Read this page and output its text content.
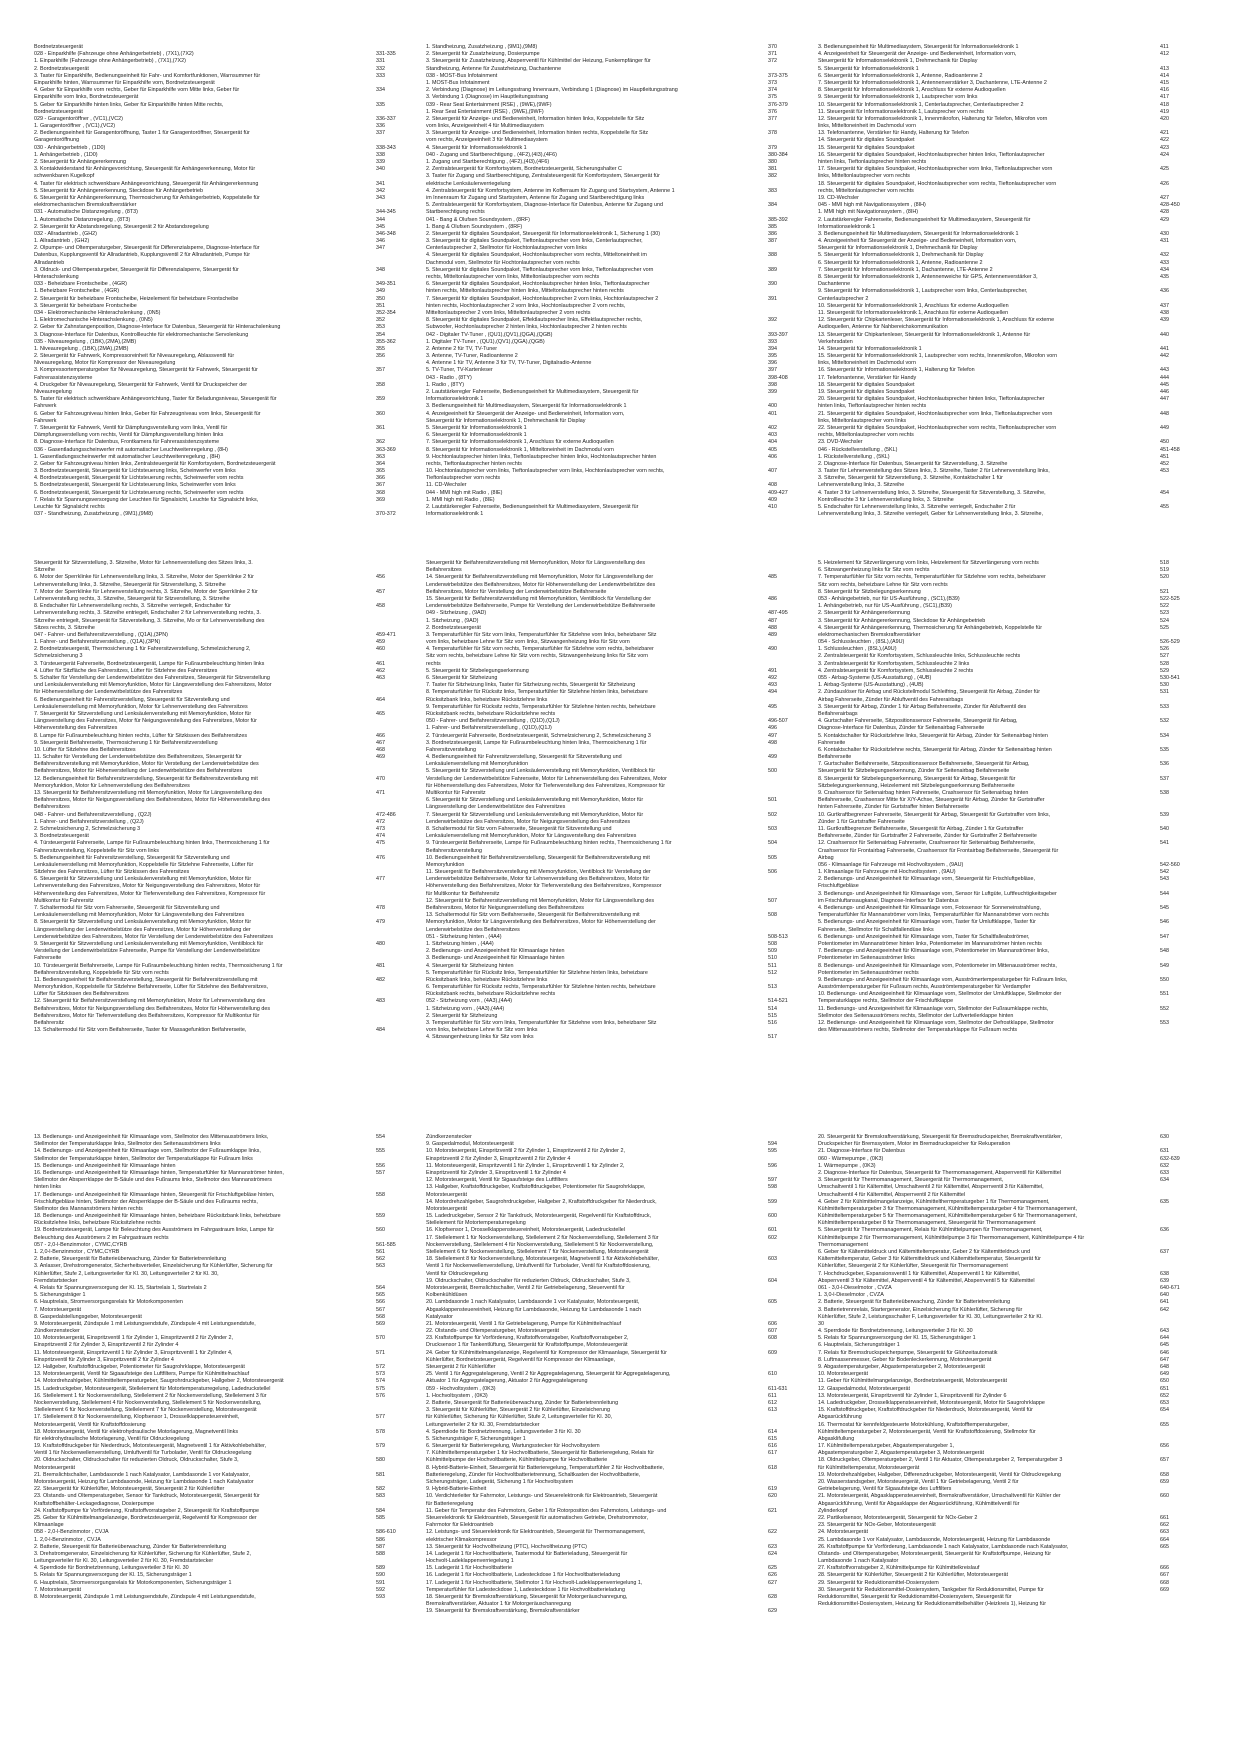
Bordnetzsteuergerät
028 - Einparkhilfe (Fahrzeuge ohne Anhängerbetrieb) , (7X1),(7X2)	331-335
1. Einparkhilfe (Fahrzeuge ohne Anhängerbetrieb) , (7X1),(7X2)	331
2. Bordnetzsteuergerät	332
3. Taster für Einparkhilfe, Bedienungseinheit für Fahr- und Komfortfunktionen, Warnsummer für	333
Einparkhilfe hinten, Warnsummer für Einparkhilfe vorn, Bordnetzsteuergerät
4. Geber für Einparkhilfe vorn rechts, Geber für Einparkhilfe vorn Mitte links, Geber für	334
Einparkhilfe vorn links, Bordnetzsteuergerät
5. Geber für Einparkhilfe hinten links, Geber für Einparkhilfe hinten Mitte rechts,	335
Bordnetzsteuergerät
029 - Garagentoröffner , (VC1),(VC2)	336-337
1. Garagentoröffner , (VC1),(VC2)	336
2. Bedienungseinheit für Garagentoröffnung, Taster 1 für Garagentoröffner, Steuergerät für	337
Garagentoröffnung
030 - Anhängerbetrieb , (1D0)	338-343
1. Anhängerbetrieb , (1D0)	338
2. Steuergerät für Anhängererkennung	339
3. Kontaktwiderstand für Anhängevorrichtung, Steuergerät für Anhängererkennung, Motor für	340
schwenkbaren Kugelkopf
4. Taster für elektrisch schwenkbare Anhängevorrichtung, Steuergerät für Anhängererkennung	341
5. Steuergerät für Anhängererkennung, Steckdose für Anhängerbetrieb	342
6. Steuergerät für Anhängererkennung, Thermosicherung für Anhängerbetrieb, Koppelstelle für	343
elektromechanischen Bremskraftverstärker
031 - Automatische Distanzregelung , (8T3)	344-345
1. Automatische Distanzregelung , (8T3)	344
2. Steuergerät für Abstandsregelung, Steuergerät 2 für Abstandsregelung	345
032 - Allradantrieb , (GH2)	346-348
1. Allradantrieb , (GH2)	346
2. Ölpumpe- und Öltemperaturgeber, Steuergerät für Differenzialsperre, Diagnose-Interface für	347
Datenbus, Kupplungsventil für Allradantrieb, Kupplungsventil 2 für Allradantrieb, Pumpe für
Allradantrieb
3. Öldruck- und Öltemperaturgeber, Steuergerät für Differenzialsperre, Steuergerät für	348
Hinterachslenkung
033 - Beheizbare Frontscheibe , (4GR)	349-351
1. Beheizbare Frontscheibe , (4GR)	349
2. Steuergerät für beheizbare Frontscheibe, Heizelement für beheizbare Frontscheibe	350
3. Steuergerät für beheizbare Frontscheibe	351
034 - Elektromechanische Hinterachslenkung , (0N5)	352-354
1. Elektromechanische Hinterachslenkung , (0N5)	352
2. Geber für Zahnstangenposition, Diagnose-Interface für Datenbus, Steuergerät für Hinterachslenkung	353
3. Diagnose-Interface für Datenbus, Kontrollleuchte für elektromechanische Servolenkung	354
035 - Niveauregelung , (1BK),(2MA),(2MB)	355-362
1. Niveauregelung , (1BK),(2MA),(2MB)	355
2. Steuergerät für Fahrwerk, Kompressoreinheit für Niveauregelung, Ablassventil für	356
Niveauregelung, Motor für Kompressor der Niveauregelung
3. Kompressortemperaturgeber für Niveauregelung, Steuergerät für Fahrwerk, Steuergerät für	357
Fahrerassistenzsysteme
4. Druckgeber für Niveauregelung, Steuergerät für Fahrwerk, Ventil für Druckspeicher der	358
Niveauregelung
5. Taster für elektrisch schwenkbare Anhängevorrichtung, Taster für Beladungsniveau, Steuergerät für	359
Fahrwerk
6. Geber für Fahrzeugniveau hinten links, Geber für Fahrzeugniveau vorn links, Steuergerät für	360
Fahrwerk
7. Steuergerät für Fahrwerk, Ventil für Dämpfungsverstellung vorn links, Ventil für	361
Dämpfungsverstellung vorn rechts, Ventil für Dämpfungsverstellung hinten links
8. Diagnose-Interface für Datenbus, Frontkamera für Fahrerassistenzsysteme	362
036 - Gasentladungsscheinwerfer mit automatischer Leuchtweitenregelung , (8H)	363-369
1. Gasentladungsscheinwerfer mit automatischer Leuchtweitenregelung , (8H)	363
2. Geber für Fahrzeugniveau hinten links, Zentralsteuergerät für Komfortsystem, Bordnetzsteuergerät	364
3. Bordnetzsteuergerät, Steuergerät für Lichtsteuerung links, Scheinwerfer vorn links	365
4. Bordnetzsteuergerät, Steuergerät für Lichtsteuerung rechts, Scheinwerfer vorn rechts	366
5. Bordnetzsteuergerät, Steuergerät für Lichtsteuerung links, Scheinwerfer vorn links	367
6. Bordnetzsteuergerät, Steuergerät für Lichtsteuerung rechts, Scheinwerfer vorn rechts	368
7. Relais für Spannungsversorgung der Leuchten für Signalsicht, Leuchte für Signalsicht links,	369
Leuchte für Signalsicht rechts
037 - Standheizung, Zusatzheizung , (9M1),(9M8)	370-372
1. Standheizung, Zusatzheizung , (9M1),(9M8)	370
2. Steuergerät für Zusatzheizung, Dosierpumpe	371
3. Steuergerät für Zusatzheizung, Absperrventil für Kühlmittel der Heizung, Funkempfänger für	372
Standheizung, Antenne für Zusatzheizung, Dachantenne
038 - MOST-Bus Infotainment	373-375
1. MOST-Bus Infotainment	373
2. Verbindung (Diagnose) im Leitungsstrang Innenraum, Verbindung 1 (Diagnose) im Hauptleitungsstrang	374
3. Verbindung 1 (Diagnose) im Hauptleitungsstrang	375
039 - Rear Seat Entertainment (RSE) , (9WE),(9WF)	376-379
1. Rear Seat Entertainment (RSE) , (9WE),(9WF)	376
2. Steuergerät für Anzeige- und Bedieneinheit, Information hinten links, Koppelstelle für Sitz	377
vorn links, Anzeigeeinheit 4 für Multimediasystem
3. Steuergerät für Anzeige- und Bedieneinheit, Information hinten rechts, Koppelstelle für Sitz	378
vorn rechts, Anzeigeeinheit 3 für Multimediasystem
4. Steuergerät für Informationselektronik 1	379
040 - Zugang und Startberechtigung , (4F2),(4I3),(4F6)	380-384
1. Zugang und Startberechtigung , (4F2),(4I3),(4F6)	380
2. Zentralsteuergerät für Komfortsystem, Bordnetzsteuergerät, Sicherungshalter C	381
3. Taster für Zugang und Startberechtigung, Zentralsteuergerät für Komfortsystem, Steuergerät für	382
elektrische Lenksäulenverriegelung
4. Zentralsteuergerät für Komfortsystem, Antenne im Kofferraum für Zugang und Startsystem, Antenne 1	383
im Innenraum für Zugang und Startsystem, Antenne für Zugang und Startberechtigung links
5. Zentralsteuergerät für Komfortsystem, Diagnose-Interface für Datenbus, Antenne für Zugang und	384
Startberechtigung rechts
041 - Bang & Olufsen Soundsystem , (8RF)	385-392
1. Bang & Olufsen Soundsystem , (8RF)	385
2. Steuergerät für digitales Soundpaket, Steuergerät für Informationselektronik 1, Sicherung 1 (30)	386
3. Steuergerät für digitales Soundpaket, Tieftonlautsprecher vorn links, Centerlautsprecher,	387
Centerlautsprecher 2, Stellmotor für Hochtonlautsprecher vorn links
4. Steuergerät für digitales Soundpaket, Hochtonlautsprecher vorn rechts, Mitteltoneinheit im	388
Dachmodul vorn, Stellmotor für Hochtonlautsprecher vorn rechts
5. Steuergerät für digitales Soundpaket, Tieftonlautsprecher vorn links, Tieftonlautsprecher vorn	389
rechts, Mitteltonlautsprecher vorn links, Mitteltonlautsprecher vorn rechts
6. Steuergerät für digitales Soundpaket, Hochtonlautsprecher hinten links, Tieftonlautsprecher	390
hinten rechts, Mitteltonlautsprecher hinten links, Mitteltonlautsprecher hinten rechts
7. Steuergerät für digitales Soundpaket, Hochtonlautsprecher 2 vorn links, Hochtonlautsprecher 2	391
hinten rechts, Hochtonlautsprecher 2 vorn links, Hochtonlautsprecher 2 vorn rechts,
Mitteltonlautsprecher 2 vorn links, Mitteltonlautsprecher 2 vorn rechts
8. Steuergerät für digitales Soundpaket, Effektlautsprecher links, Effektlautsprecher rechts,	392
Subwoofer, Hochtonlautsprecher 2 hinten links, Hochtonlautsprecher 2 hinten rechts
042 - Digitaler TV-Tuner , (QU1),(QV1),(QGA),(QGB)	393-397
1. Digitaler TV-Tuner , (QU1),(QV1),(QGA),(QGB)	393
2. Antenne 2 für TV, TV-Tuner	394
3. Antenne, TV-Tuner, Radioantenne 2	395
4. Antenne 1 für TV, Antenne 3 für TV, TV-Tuner, Digitalradio-Antenne	396
5. TV-Tuner, TV-Kartenleser	397
043 - Radio , (8TY)	398-408
1. Radio , (8TY)	398
2. Lautstärkeregler Fahrerseite, Bedienungseinheit für Multimediasystem, Steuergerät für	399
Informationselektronik 1
3. Bedienungseinheit für Multimediasystem, Steuergerät für Informationselektronik 1	400
4. Anzeigeeinheit für Steuergerät der Anzeige- und Bedieneinheit, Information vorn,	401
Steuergerät für Informationselektronik 1, Drehmechanik für Display
5. Steuergerät für Informationselektronik 1	402
6. Steuergerät für Informationselektronik 1	403
7. Steuergerät für Informationselektronik 1, Anschluss für externe Audioquellen	404
8. Steuergerät für Informationselektronik 1, Mitteltoneinheit im Dachmodul vorn	405
9. Hochtonlautsprecher hinten links, Tieftonlautsprecher hinten links, Hochtonlautsprecher hinten	406
rechts, Tieftonlautsprecher hinten rechts
10. Hochtonlautsprecher vorn links, Tieftonlautsprecher vorn links, Hochtonlautsprecher vorn rechts,	407
Tieftonlautsprecher vorn rechts
11. CD-Wechsler	408
044 - MMI high mit Radio , (8IE)	409-427
1. MMI high mit Radio , (8IE)	409
2. Lautstärkeregler Fahrerseite, Bedienungseinheit für Multimediasystem, Steuergerät für	410
Informationselektronik 1
3. Bedienungseinheit für Multimediasystem, Steuergerät für Informationselektronik 1	411
4. Anzeigeeinheit für Steuergerät der Anzeige- und Bedieneinheit, Information vorn,	412
Steuergerät für Informationselektronik 1, Drehmechanik für Display
5. Steuergerät für Informationselektronik 1	413
6. Steuergerät für Informationselektronik 1, Antenne, Radioantenne 2	414
7. Steuergerät für Informationselektronik 1, Antennenverstärker 3, Dachantenne, LTE-Antenne 2	415
8. Steuergerät für Informationselektronik 1, Anschluss für externe Audioquellen	416
9. Steuergerät für Informationselektronik 1, Lautsprecher vorn links	417
10. Steuergerät für Informationselektronik 1, Centerlautsprecher, Centerlautsprecher 2	418
11. Steuergerät für Informationselektronik 1, Lautsprecher vorn rechts	419
12. Steuergerät für Informationselektronik 1, Innenmikrofon, Halterung für Telefon, Mikrofon vorn	420
links, Mitteltoneinheit im Dachmodul vorn
13. Telefonantenne, Verstärker für Handy, Halterung für Telefon	421
14. Steuergerät für digitales Soundpaket	422
15. Steuergerät für digitales Soundpaket	423
16. Steuergerät für digitales Soundpaket, Hochtonlautsprecher hinten links, Tieftonlautsprecher	424
hinten links, Tieftonlautsprecher hinten rechts
17. Steuergerät für digitales Soundpaket, Hochtonlautsprecher vorn links, Tieftonlautsprecher vorn	425
links, Mitteltonlautsprecher vorn rechts
18. Steuergerät für digitales Soundpaket, Hochtonlautsprecher vorn rechts, Tieftonlautsprecher vorn	426
rechts, Mitteltonlautsprecher vorn rechts
19. CD-Wechsler	427
045 - MMI high mit Navigationssystem , (8IH)	428-450
1. MMI high mit Navigationssystem , (8IH)	428
2. Lautstärkeregler Fahrerseite, Bedienungseinheit für Multimediasystem, Steuergerät für	429
Informationselektronik 1
3. Bedienungseinheit für Multimediasystem, Steuergerät für Informationselektronik 1	430
4. Anzeigeeinheit für Steuergerät der Anzeige- und Bedieneinheit, Information vorn,	431
Steuergerät für Informationselektronik 1, Drehmechanik für Display
5. Steuergerät für Informationselektronik 1, Drehmechanik für Display	432
6. Steuergerät für Informationselektronik 1, Antenne, Radioantenne 2	433
7. Steuergerät für Informationselektronik 1, Dachantenne, LTE-Antenne 2	434
8. Steuergerät für Informationselektronik 1, Antennenweiche für GPS, Antennenverstärker 3,	435
Dachantenne
9. Steuergerät für Informationselektronik 1, Lautsprecher vorn links, Centerlautsprecher,	436
Centerlautsprecher 2
10. Steuergerät für Informationselektronik 1, Anschluss für externe Audioquellen	437
11. Steuergerät für Informationselektronik 1, Anschluss für externe Audioquellen	438
12. Steuergerät für Chipkartenleser, Steuergerät für Informationselektronik 1, Anschluss für externe	439
Audioquellen, Antenne für Nahbereichskommunikation
13. Steuergerät für Chipkartenleser, Steuergerät für Informationselektronik 1, Antenne für	440
Verkehrsdaten
14. Steuergerät für Informationselektronik 1	441
15. Steuergerät für Informationselektronik 1, Lautsprecher vorn rechts, Innenmikrofon, Mikrofon vorn	442
links, Mitteltoneinheit im Dachmodul vorn
16. Steuergerät für Informationselektronik 1, Halterung für Telefon	443
17. Telefonantenne, Verstärker für Handy	444
18. Steuergerät für digitales Soundpaket	445
19. Steuergerät für digitales Soundpaket	446
20. Steuergerät für digitales Soundpaket, Hochtonlautsprecher hinten links, Tieftonlautsprecher	447
hinten links, Tieftonlautsprecher hinten rechts
21. Steuergerät für digitales Soundpaket, Hochtonlautsprecher vorn links, Tieftonlautsprecher vorn	448
links, Mitteltonlautsprecher vorn links
22. Steuergerät für digitales Soundpaket, Hochtonlautsprecher vorn rechts, Tieftonlautsprecher vorn	449
rechts, Mitteltonlautsprecher vorn rechts
23. DVD-Wechsler	450
046 - Rückstellverstellung , (5KL)	451-458
1. Rückstellverstellung , (5KL)	451
2. Diagnose-Interface für Datenbus, Steuergerät für Sitzverstellung, 3. Sitzreihe	452
3. Taster für Lehnenverstellung des Sitzes links, 3. Sitzreihe, Taster 2 für Lehnenverstellung links,	453
3. Sitzreihe, Steuergerät für Sitzverstellung, 3. Sitzreihe, Kontaktschalter 1 für
Lehnenverstellung links, 3. Sitzreihe
4. Taster 3 für Lehnenverstellung links, 3. Sitzreihe, Steuergerät für Sitzverstellung, 3. Sitzreihe,	454
Kontrollleuchte 3 für Lehnenverstellung links, 3. Sitzreihe
5. Endschalter für Lehnenverstellung links, 3. Sitzreihe verriegelt, Endschalter 2 für	455
Lehnenverstellung links, 3. Sitzreihe verriegelt, Geber für Lehnenverstellung links, 3. Sitzreihe,
Steuergerät für Sitzverstellung, 3. Sitzreihe, Motor für Lehnenverstellung des Sitzes links, 3.
Sitzreihe
6. Motor der Sperrklinke für Lehnenverstellung links, 3. Sitzreihe, Motor der Sperrklinke 2 für	456
Lehnenverstellung links, 3. Sitzreihe, Steuergerät für Sitzverstellung, 3. Sitzreihe
7. Motor der Sperrklinke für Lehnenverstellung rechts, 3. Sitzreihe, Motor der Sperrklinke 2 für	457
Lehnenverstellung rechts, 3. Sitzreihe, Steuergerät für Sitzverstellung, 3. Sitzreihe
8. Endschalter für Lehnenverstellung rechts, 3. Sitzreihe verriegelt, Endschalter für	458
Lehnenverstellung rechts, 3. Sitzreihe entriegelt, Endschalter 2 für Lehnenverstellung rechts, 3.
Sitzreihe entriegelt, Steuergerät für Sitzverstellung, 3. Sitzreihe, Mo or für Lehnenverstellung des
Sitzes rechts, 3. Sitzreihe
047 - Fahrer- und Beifahrersitzverstellung , (Q1A),(3PN)	459-471
1. Fahrer- und Beifahrersitzverstellung , (Q1A),(3PN)	459
2. Bordnetzsteuergerät, Thermosicherung 1 für Fahrersitzverstellung, Schmelzsicherung 2,	460
Schmelzsicherung 3
3. Türsteuergerät Fahrerseite, Bordnetzsteuergerät, Lampe für Fußraumbeleuchtung hinten links	461
4. Lüfter für Sitzfläche des Fahrersitzes, Lüfter für Sitzlehne des Fahrersitzes	462
5. Schalter für Verstellung der Lendenwirbelstütze des Fahrersitzes, Steuergerät für Sitzverstellung	463
und Lenksäulenverstellung mit Memoryfunktion, Motor für Längsverstellung des Fahrersitzes, Motor
für Höhenverstellung der Lendenwirbelstütze des Fahrersitzes
6. Bedienungseinheit für Fahrersitzverstellung, Steuergerät für Sitzverstellung und	464
Lenksäulenverstellung mit Memoryfunktion, Motor für Lehnenverstellung des Fahrersitzes
7. Steuergerät für Sitzverstellung und Lenksäulenverstellung mit Memoryfunktion, Motor für	465
Längsverstellung des Fahrersitzes, Motor für Neigungsverstellung des Fahrersitzes, Motor für
Höhenverstellung des Fahrersitzes
8. Lampe für Fußraumbeleuchtung hinten rechts, Lüfter für Sitzkissen des Beifahrersitzes	466
9. Steuergerät Beifahrerseite, Thermosicherung 1 für Beifahrersitzverstellung	467
10. Lüfter für Sitzlehne des Beifahrersitzes	468
11. Schalter für Verstellung der Lendenwirbelstütze des Beifahrersitzes, Steuergerät für	469
Beifahrersitzverstellung mit Memoryfunktion, Motor für Verstellung der Lendenwirbelstütze des
Beifahrersitzes, Motor für Höhenverstellung der Lendenwirbelstütze des Beifahrersitzes
12. Bedienungseinheit für Beifahrersitzverstellung, Steuergerät für Beifahrersitzverstellung mit	470
Memoryfunktion, Motor für Lehnenverstellung des Beifahrersitzes
13. Steuergerät für Beifahrersitzverstellung mit Memoryfunktion, Motor für Längsverstellung des	471
Beifahrersitzes, Motor für Neigungsverstellung des Beifahrersitzes, Motor für Höhenverstellung des
Beifahrersitzes
048 - Fahrer- und Beifahrersitzverstellung , (Q2J)	472-486
1. Fahrer- und Beifahrersitzverstellung , (Q2J)	472
2. Schmelzsicherung 2, Schmelzsicherung 3	473
3. Bordnetzsteuergerät	474
4. Türsteuergerät Fahrerseite, Lampe für Fußraumbeleuchtung hinten links, Thermosicherung 1 für	475
Fahrersitzverstellung, Koppelstelle für Sitz vorn links
5. Bedienungseinheit für Fahrersitzverstellung, Steuergerät für Sitzverstellung und	476
Lenksäulenverstellung mit Memoryfunktion, Koppelstelle für Sitzlehne Fahrerseite, Lüfter für
Sitzlehne des Fahrersitzes, Lüfter für Sitzkissen des Fahrersitzes
6. Steuergerät für Sitzverstellung und Lenksäulenverstellung mit Memoryfunktion, Motor für	477
Lehnenverstellung des Fahrersitzes, Motor für Neigungsverstellung des Fahrersitzes, Motor für
Höhenverstellung des Fahrersitzes, Motor für Tiefenverstellung des Fahrersitzes, Kompressor für
Multikontur für Fahrersitz
7. Schaltermodul für Sitz vorn Fahrerseite, Steuergerät für Sitzverstellung und	478
Lenksäulenverstellung mit Memoryfunktion, Motor für Längsverstellung des Fahrersitzes
8. Steuergerät für Sitzverstellung und Lenksäulenverstellung mit Memoryfunktion, Motor für	479
Längsverstellung der Lendenwirbelstütze des Fahrersitzes, Motor für Höhenverstellung der
Lendenwirbelstütze des Fahrersitzes, Motor für Verstellung der Lendenwirbelstütze des Fahrersitzes
9. Steuergerät für Sitzverstellung und Lenksäulenverstellung mit Memoryfunktion, Ventilblock für	480
Verstellung der Lendenwirbelstütze Fahrerseite, Pumpe für Verstellung der Lendenwirbelstütze
Fahrerseite
10. Türsteuergerät Beifahrerseite, Lampe für Fußraumbeleuchtung hinten rechts, Thermosicherung 1 für	481
Beifahrersitzverstellung, Koppelstelle für Sitz vorn rechts
11. Bedienungseinheit für Beifahrersitzverstellung, Steuergerät für Beifahrersitzverstellung mit	482
Memoryfunktion, Koppelstelle für Sitzlehne Beifahrerseite, Lüfter für Sitzlehne des Beifahrersitzes,
Lüfter für Sitzkissen des Beifahrersitzes
12. Steuergerät für Beifahrersitzverstellung mit Memoryfunktion, Motor für Lehnenverstellung des	483
Beifahrersitzes, Motor für Neigungsverstellung des Beifahrersitzes, Motor für Höhenverstellung des
Beifahrersitzes, Motor für Tiefenverstellung des Beifahrersitzes, Kompressor für Multikontur für
Beifahrersitz
13. Schaltermodul für Sitz vorn Beifahrerseite, Taster für Massagefunktion Beifahrerseite,	484
Steuergerät für Beifahrersitzverstellung mit Memoryfunktion, Motor für Längsverstellung des
Beifahrersitzes
14. Steuergerät für Beifahrersitzverstellung mit Memoryfunktion, Motor für Längsverstellung der	485
Lendenwirbelstütze des Beifahrersitzes, Motor für Höhenverstellung der Lendenwirbelstütze des
Beifahrersitzes, Motor für Verstellung der Lendenwirbelstütze Beifahrerseite
15. Steuergerät für Beifahrersitzverstellung mit Memoryfunktion, Ventilblock für Verstellung der	486
Lendenwirbelstütze Beifahrerseite, Pumpe für Verstellung der Lendenwirbelstütze Beifahrerseite
049 - Sitzheizung , (9AD)	487-495
1. Sitzheizung , (9AD)	487
2. Bordnetzsteuergerät	488
3. Temperaturfühler für Sitz vorn links, Temperaturfühler für Sitzlehne vorn links, beheizbarer Sitz	489
vorn links, beheizbare Lehne für Sitz vorn links, Sitzwangenheizung links für Sitz vorn
4. Temperaturfühler für Sitz vorn rechts, Temperaturfühler für Sitzlehne vorn rechts, beheizbarer	490
Sitz vorn rechts, beheizbare Lehne für Sitz vorn rechts, Sitzwangenheizung links für Sitz vorn
rechts
5. Steuergerät für Sitzbelegungserkennung	491
6. Steuergerät für Sitzheizung	492
7. Taster für Sitzheizung links, Taster für Sitzheizung rechts, Steuergerät für Sitzheizung	493
8. Temperaturfühler für Rücksitz links, Temperaturfühler für Sitzlehne hinten links, beheizbare	494
Rücksitzbank links, beheizbare Rücksitzlehne links
9. Temperaturfühler für Rücksitz rechts, Temperaturfühler für Sitzlehne hinten rechts, beheizbare	495
Rücksitzbank rechts, beheizbare Rücksitzlehne rechts
050 - Fahrer- und Beifahrersitzverstellung , (Q1D),(Q1J)	496-507
1. Fahrer- und Beifahrersitzverstellung , (Q1D),(Q1J)	496
2. Türsteuergerät Fahrerseite, Bordnetzsteuergerät, Schmelzsicherung 2, Schmelzsicherung 3	497
3. Bordnetzsteuergerät, Lampe für Fußraumbeleuchtung hinten links, Thermosicherung 1 für	498
Fahrersitzverstellung
4. Bedienungseinheit für Fahrersitzverstellung, Steuergerät für Sitzverstellung und	499
Lenksäulenverstellung mit Memoryfunktion
5. Steuergerät für Sitzverstellung und Lenksäulenverstellung mit Memoryfunktion, Ventilblock für	500
Verstellung der Lendenwirbelstütze Fahrerseite, Motor für Lehnenverstellung des Fahrersitzes, Motor
für Höhenverstellung des Fahrersitzes, Motor für Tiefenverstellung des Fahrersitzes, Kompressor für
Multikontur für Fahrersitz
6. Steuergerät für Sitzverstellung und Lenksäulenverstellung mit Memoryfunktion, Motor für	501
Längsverstellung der Lendenwirbelstütze des Fahrersitzes
7. Steuergerät für Sitzverstellung und Lenksäulenverstellung mit Memoryfunktion, Motor für	502
Lendenwirbelstütze des Fahrersitzes, Motor für Neigungsverstellung des Fahrersitzes
8. Schaltermodul für Sitz vorn Fahrerseite, Steuergerät für Sitzverstellung und	503
Lenksäulenverstellung mit Memoryfunktion, Motor für Längsverstellung des Fahrersitzes
9. Türsteuergerät Beifahrerseite, Lampe für Fußraumbeleuchtung hinten rechts, Thermosicherung 1 für	504
Beifahrersitzverstellung
10. Bedienungseinheit für Beifahrersitzverstellung, Steuergerät für Beifahrersitzverstellung mit	505
Memoryfunktion
11. Steuergerät für Beifahrersitzverstellung mit Memoryfunktion, Ventilblock für Verstellung der	506
Lendenwirbelstütze Beifahrerseite, Motor für Lehnenverstellung des Beifahrersitzes, Motor für
Höhenverstellung des Beifahrersitzes, Motor für Tiefenverstellung des Beifahrersitzes, Kompressor
für Multikontur für Beifahrersitz
12. Steuergerät für Beifahrersitzverstellung mit Memoryfunktion, Motor für Längsverstellung des	507
Beifahrersitzes, Motor für Neigungsverstellung des Beifahrersitzes
13. Schaltermodul für Sitz vorn Beifahrerseite, Steuergerät für Beifahrersitzverstellung mit	508
Memoryfunktion, Motor für Längsverstellung des Beifahrersitzes, Motor für Höhenverstellung der
Lendenwirbelstütze des Beifahrersitzes
051 - Sitzheizung hinten , (4A4)	508-513
1. Sitzheizung hinten , (4A4)	508
2. Bedienungs- und Anzeigeeinheit für Klimaanlage hinten	509
3. Bedienungs- und Anzeigeeinheit für Klimaanlage hinten	510
4. Steuergerät für Sitzheizung hinten	511
5. Temperaturfühler für Rücksitz links, Temperaturfühler für Sitzlehne hinten links, beheizbare	512
Rücksitzbank links, beheizbare Rücksitzlehne links
6. Temperaturfühler für Rücksitz rechts, Temperaturfühler für Sitzlehne hinten rechts, beheizbare	513
Rücksitzbank rechts, beheizbare Rücksitzlehne rechts
052 - Sitzheizung vorn , (4A3),(4A4)	514-521
1. Sitzheizung vorn , (4A3),(4A4)	514
2. Steuergerät für Sitzheizung	515
3. Temperaturfühler für Sitz vorn links, Temperaturfühler für Sitzlehne vorn links, beheizbarer Sitz	516
vorn links, beheizbare Lehne für Sitz vorn links
4. Sitzwangenheizung links für Sitz vorn links	517
5. Heizelement für Sitzverlängerung vorn links, Heizelement für Sitzverlängerung vorn rechts	518
6. Sitzwangenheizung links für Sitz vorn rechts	519
7. Temperaturfühler für Sitz vorn rechts, Temperaturfühler für Sitzlehne vorn rechts, beheizbarer	520
Sitz vorn rechts, beheizbare Lehne für Sitz vorn rechts
8. Steuergerät für Sitzbelegungserkennung	521
053 - Anhängebetrieb, nur für US-Ausführung , (SC1),(B39)	522-525
1. Anhängebetrieb, nur für US-Ausführung , (SC1),(B39)	522
2. Steuergerät für Anhängererkennung	523
3. Steuergerät für Anhängererkennung, Steckdose für Anhängebetrieb	524
4. Steuergerät für Anhängererkennung, Thermosicherung für Anhängebetrieb, Koppelstelle für	525
elektromechanischen Bremskraftverstärker
054 - Schlussleuchten , (8SL),(A9U)	526-529
1. Schlussleuchten , (8SL),(A9U)	526
2. Zentralsteuergerät für Komfortsystem, Schlussleuchte links, Schlussleuchte rechts	527
3. Zentralsteuergerät für Komfortsystem, Schlussleuchte 2 links	528
4. Zentralsteuergerät für Komfortsystem, Schlussleuchte 2 rechts	529
055 - Airbag-Systeme (US-Ausstattung) , (4UB)	530-541
1. Airbag-Systeme (US-Ausstattung) , (4UB)	530
2. Zündauslöser für Airbag und Rückstellmodul Schleifring, Steuergerät für Airbag, Zünder für	531
Airbag Fahrerseite, Zünder für Abluftventil des Fahrerairbags
3. Steuergerät für Airbag, Zünder 1 für Airbag Beifahrerseite, Zünder für Abluftventil des	533
Beifahrerairbags
4. Gurtschalter Fahrerseite, Sitzpositionssensor Fahrerseite, Steuergerät für Airbag,	532
Diagnose-Interface für Datenbus, Zünder für Seitenairbag Fahrerseite
5. Kontaktschalter für Rücksitzlehne links, Steuergerät für Airbag, Zünder für Seitenairbag hinten	534
Fahrerseite
6. Kontaktschalter für Rücksitzlehne rechts, Steuergerät für Airbag, Zünder für Seitenairbag hinten	535
Beifahrerseite
7. Gurtschalter Beifahrerseite, Sitzpositionssensor Beifahrerseite, Steuergerät für Airbag,	536
Steuergerät für Sitzbelegungserkennung, Zünder für Seitenairbag Beifahrerseite
8. Steuergerät für Sitzbelegungserkennung, Steuergerät für Airbag, Steuergerät für	537
Sitzbelegungserkennung, Heizelement mit Sitzbelegungserkennung Beifahrerseite
9. Crashsensor für Seitenairbag hinten Fahrerseite, Crashsensor für Seitenairbag hinten	538
Beifahrerseite, Crashsensor Mitte für X/Y-Achse, Steuergerät für Airbag, Zünder für Gurtstraffer
hinten Fahrerseite, Zünder für Gurtstraffer hinten Beifahrerseite
10. Gurtkraftbegrenzer Fahrerseite, Steuergerät für Airbag, Steuergerät für Gurtstraffer vorn links,	539
Zünder 1 für Gurtstraffer Fahrerseite
11. Gurtkraftbegrenzer Beifahrerseite, Steuergerät für Airbag, Zünder 1 für Gurtstraffer	540
Beifahrerseite, Zünder für Gurtstraffer 2 Fahrerseite, Zünder für Gurtstraffer 2 Beifahrerseite
12. Crashsensor für Seitenairbag Fahrerseite, Crashsensor für Seitenairbag Beifahrerseite,	541
Crashsensor für Frontairbag Fahrerseite, Crashsensor für Frontairbag Beifahrerseite, Steuergerät für
Airbag
056 - Klimaanlage für Fahrzeuge mit Hochvoltsystem , (9AU)	542-560
1. Klimaanlage für Fahrzeuge mit Hochvoltsystem , (9AU)	542
2. Bedienungs- und Anzeigeeinheit für Klimaanlage vorn, Steuergerät für Frischluftgebläse,	543
Frischluftgebläse
3. Bedienungs- und Anzeigeeinheit für Klimaanlage vorn, Sensor für Luftgüte, Luftfeuchtigkeitsgeber	544
im Frischluftansaugkanal, Diagnose-Interface für Datenbus
4. Bedienungs- und Anzeigeeinheit für Klimaanlage vorn, Fotosensor für Sonneneinstrahlung,	545
Temperaturfühler für Mannanströmer vorn links, Temperaturfühler für Mannanströmer vorn rechts
5. Bedienungs- und Anzeigeeinheit für Klimaanlage vorn, Taster für Umluftklappe, Taster für	546
Fahrerseite, Stellmotor für Schaltfallendüse links
6. Bedienungs- und Anzeigeeinheit für Klimaanlage vorn, Taster für Schaltfalleabströmer,	547
Potentiometer im Mannanströmer hinten links, Potentiometer im Mannanströmer hinten rechts
7. Bedienungs- und Anzeigeeinheit für Klimaanlage vorn, Potentiometer im Mannanströmer links,	548
Potentiometer im Seitenausströmer links
8. Bedienungs- und Anzeigeeinheit für Klimaanlage vorn, Potentiometer im Mittenausströmer rechts,	549
Potentiometer im Seitenausströmer rechts
9. Bedienungs- und Anzeigeeinheit für Klimaanlage vorn, Ausströmertemperaturgeber für Fußraum links,	550
Ausströmtemperaturgeber für Fußraum rechts, Ausströmtemperaturgeber für Verdampfer
10. Bedienungs- und Anzeigeeinheit für Klimaanlage vorn, Stellmotor der Umluftklappe, Stellmotor der	551
Temperaturklappe rechts, Stellmotor der Frischluftklappe
11. Bedienungs- und Anzeigeeinheit für Klimaanlage vorn, Stellmotor der Fußraumklappe rechts,	552
Stellmotor des Seitenausströmers rechts, Stellmotor der Luftverteilerklappe hinten
12. Bedienungs- und Anzeigeeinheit für Klimaanlage vorn, Stellmotor der Defrostklappe, Stellmotor	553
des Mittenausströmers rechts, Stellmotor der Temperaturklappe für Fußraum rechts
13. Bedienungs- und Anzeigeeinheit für Klimaanlage vorn, Stellmotor des Mittenausströmers links,	554
Stellmotor der Temperaturklappe links, Stellmotor des Seitenausströmers links
14. Bedienungs- und Anzeigeeinheit für Klimaanlage vorn, Stellmotor der Fußraumklappe links,	555
Stellmotor der Temperaturklappe hinten, Stellmotor der Temperaturklappe für Fußraum links
15. Bedienungs- und Anzeigeeinheit für Klimaanlage hinten	556
16. Bedienungs- und Anzeigeeinheit für Klimaanlage hinten, Temperaturfühler für Mannanströmer hinten,	557
Stellmotor der Absperrklappe der B-Säule und des Fußraums links, Stellmotor des Mannanströmers
hinten links
17. Bedienungs- und Anzeigeeinheit für Klimaanlage hinten, Steuergerät für Frischluftgebläse hinten,	558
Frischluftgebläse hinten, Stellmotor der Absperrklappe der B-Säule und des Fußraums rechts,
Stellmotor des Mannanströmers hinten rechts
18. Bedienungs- und Anzeigeeinheit für Klimaanlage hinten, beheizbare Rücksitzbank links, beheizbare	559
Rücksitzlehne links, beheizbare Rücksitzlehne rechts
19. Bordnetzsteuergerät, Lampe für Beleuchtung des Ausströmers im Fahrgastraum links, Lampe für	560
Beleuchtung des Ausströmers 2 im Fahrgastraum rechts
057 - 2,0-l-Benzinmotor , CYMC,CYRB	561-585
1. 2,0-l-Benzinmotor , CYMC,CYRB	561
2. Batterie, Steuergerät für Batterieüberwachung, Zünder für Batterietrennleitung	562
3. Anlasser, Drehstromgenerator, Sicherheitsverteiler, Einzelsicherung für Kühlerlüfter, Sicherung für	563
Kühlerlüfter, Stufe 2, Leitungsverteiler für Kl. 30, Leitungsverteiler 2 für Kl. 30,
Fremdstartstecker
4. Relais für Spannungsversorgung der Kl. 15, Startrelais 1, Startrelais 2	564
5. Sicherungsträger 1	565
6. Hauptrelais, Stromversorgungsrelais für Motorkomponenten	566
7. Motorsteuergerät	567
8. Gaspedalstellungsgeber, Motorsteuergerät	568
9. Motorsteuergerät, Zündspule 1 mit Leistungsendstufe, Zündspule 4 mit Leistungsendstufe,	569
Zündkerzenstecker
10. Motorsteuergerät, Einspritzventil 1 für Zylinder 1, Einspritzventil 2 für Zylinder 2,	570
Einspritzventil 2 für Zylinder 3, Einspritzventil 2 für Zylinder 4
11. Motorsteuergerät, Einspritzventil 1 für Zylinder 3, Einspritzventil 1 für Zylinder 4,	571
Einspritzventil für Zylinder 3, Einspritzventil 2 für Zylinder 4
12. Hallgeber, Kraftstoffdruckgeber, Potentiometer für Saugrohrklappe, Motorsteuergerät	572
13. Motorsteuergerät, Ventil für Sigaaufsteige des Luftfilters, Pumpe für Kühlmittelnachlauf	573
14. Motordrehzahlgeber, Kühlmitteltemperaturgeber, Saugrohrdruckgeber, Hallgeber 2, Motorsteuergerät	574
15. Ladedruckgeber, Motorsteuergerät, Stellelement für Motortemperaturregelung, Ladedruckstellel	575
16. Stellelement 1 für Nockenverstellung, Stellelement 2 für Nockenverstellung, Stellelement 3 für	576
Nockenverstellung, Stellelement 4 für Nockenverstellung, Stellelement 5 für Nockenverstellung,
Stellelement 6 für Nockenverstellung, Stellelement 7 für Nockenverstellung, Motorsteuergerät
17. Stellelement 8 für Nockenverstellung, Klopfsensor 1, Drosselklappensteuereinheit,	577
Motorsteuergerät, Ventil für Kraftstoffdosierung
18. Motorsteuergerät, Ventil für elektrohydraulische Motorlagerung, Magnetventil links	578
für elektrohydraulische Motorlagerung, Ventil für Öldruckregelung
19. Kraftstoffdruckgeber für Niederdruck, Motorsteuergerät, Magnetventil 1 für Aktivkohlebehälter,	579
Ventil 1 für Nockenwellenverstellung, Umluftventil für Turbolader, Ventil für Öldruckregelung
20. Öldruckschalter, Öldruckschalter für reduzierten Öldruck, Öldruckschalter, Stufe 3,	580
Motorsteuergerät
21. Bremslichtschalter, Lambdasonde 1 nach Katalysator, Lambdasonde 1 vor Katalysator,	581
Motorsteuergerät, Heizung für Lambdasonde, Heizung für Lambdasonde 1 nach Katalysator
22. Steuergerät für Kühlerlüfter, Motorsteuergerät, Steuergerät 2 für Kühlerlüfter	582
23. Ölstands- und Öltemperaturgeber, Sensor für Tankdruck, Motorsteuergerät, Steuergerät für	583
Kraftstoffbehälter-Leckagediagnose, Dosierpumpe
24. Kraftstoffpumpe für Vorförderung, Kraftstoffvorratsgeber 2, Steuergerät für Kraftstoffpumpe	584
25. Geber für Kühlmittelmangelanzeige, Bordnetzsteuergerät, Regelventil für Kompressor der	585
Klimaanlage
058 - 2,0-l-Benzinmotor , CVJA	586-610
1. 2,0-l-Benzinmotor , CVJA	586
2. Batterie, Steuergerät für Batterieüberwachung, Zünder für Batterietrennleitung	587
3. Drehstromgenerator, Einzelsicherung für Kühlerlüfter, Sicherung für Kühlerlüfter, Stufe 2,	588
Leitungsverteiler für Kl. 30, Leitungsverteiler 2 für Kl. 30, Fremdstartstecker
4. Sperrdiode für Bordnetztrennung, Leitungsverteiler 3 für Kl. 30	589
5. Relais für Spannungsversorgung der Kl. 15, Sicherungsträger 1	590
6. Hauptrelais, Stromversorgungsrelais für Motorkomponenten, Sicherungsträger 1	591
7. Motorsteuergerät	592
8. Motorsteuergerät, Zündspule 1 mit Leistungsendstufe, Zündspule 4 mit Leistungsendstufe,	593
Zündkerzenstecker
9. Gaspedalmodul, Motorsteuergerät	594
10. Motorsteuergerät, Einspritzventil 2 für Zylinder 1, Einspritzventil 2 für Zylinder 2,	595
Einspritzventil 2 für Zylinder 3, Einspritzventil 2 für Zylinder 4
11. Motorsteuergerät, Einspritzventil 1 für Zylinder 1, Einspritzventil 1 für Zylinder 2,	596
Einspritzventil für Zylinder 3, Einspritzventil 1 für Zylinder 4
12. Motorsteuergerät, Ventil für Sigaaufsteige des Luftfilters	597
13. Hallgeber, Kraftstoffdruckgeber, Kraftstoffdruckgeber, Potentiometer für Saugrohrklappe,	598
Motorsteuergerät
14. Motordrehzahlgeber, Saugrohrdruckgeber, Hallgeber 2, Kraftstoffdruckgeber für Niederdruck,	599
Motorsteuergerät
15. Ladedruckgeber, Sensor 2 für Tankdruck, Motorsteuergerät, Regelventil für Kraftstoffdruck,	600
Stellelement für Motortemperaturregelung
16. Klopfsensor 1, Drosselklappensteuereinheit, Motorsteuergerät, Ladedruckstellel	601
17. Stellelement 1 für Nockenverstellung, Stellelement 2 für Nockenverstellung, Stellelement 3 für	602
Nockenverstellung, Stellelement 4 für Nockenverstellung, Stellelement 5 für Nockenverstellung,
Stellelement 6 für Nockenverstellung, Stellelement 7 für Nockenverstellung, Motorsteuergerät
18. Stellelement 8 für Nockenverstellung, Motorsteuergerät, Magnetventil 1 für Aktivkohlebehälter,	603
Ventil 1 für Nockenwellenverstellung, Umluftventil für Turbolader, Ventil für Kraftstoffdosierung,
Ventil für Öldruckregelung
19. Öldruckschalter, Öldruckschalter für reduzierten Öldruck, Öldruckschalter, Stufe 3,	604
Motorsteuergerät, Bremslichtschalter, Ventil 2 für Getriebelagerung, Steuerventil für
Kolbenkühldüsen
20. Lambdasonde 1 nach Katalysator, Lambdasonde 1 vor Katalysator, Motorsteuergerät,	605
Abgasklappensteuereinheit, Heizung für Lambdasonde, Heizung für Lambdasonde 1 nach
Katalysator
21. Motorsteuergerät, Ventil 1 für Getriebelagerung, Pumpe für Kühlmittelnachlauf	606
22. Ölstands- und Öltemperaturgeber, Motorsteuergerät	607
23. Kraftstoffpumpe für Vorförderung, Kraftstoffvorratsgeber, Kraftstoffvorratsgeber 2,	608
Drucksensor 1 für Tankentlüftung, Steuergerät für Kraftstoffpumpe, Motorsteuergerät
24. Geber für Kühlmittelmangelanzeige, Regelventil für Kompressor der Klimaanlage, Steuergerät für	609
Kühlerlüfter, Bordnetzsteuergerät, Regelventil für Kompressor der Klimaanlage,
Steuergerät 2 für Kühlerlüfter
25. Ventil 1 für Aggregatelagerung, Ventil 2 für Aggregatelagerung, Steuergerät für Aggregatelagerung,	610
Aktuator 1 für Aggregatelagerung, Aktuator 2 für Aggregatelagerung
059 - Hochvoltsystem , (0K3)	611-631
1. Hochvoltsystem , (0K3)	611
2. Batterie, Steuergerät für Batterieüberwachung, Zünder für Batterietrennleitung	612
3. Steuergerät für Kühlerlüfter, Steuergerät 2 für Kühlerlüfter, Einzelsicherung	613
für Kühlerlüfter, Sicherung für Kühlerlüfter, Stufe 2, Leitungsverteiler für Kl. 30,
Leitungsverteiler 2 für Kl. 30, Fremdstartstecker
4. Sperrdiode für Bordnetztrennung, Leitungsverteiler 3 für Kl. 30	614
5. Sicherungsträger F, Sicherungsträger 1	615
6. Steuergerät für Batterieregelung, Wartungsstecker für Hochvoltsystem	616
7. Kühlmitteltemperaturgeber 1 für Hochvoltbatterie, Steuergerät für Batterieregelung, Relais für	617
Kühlmittelpumpe der Hochvoltbatterie, Kühlmittelpumpe für Hochvoltbatterie
8. Hybrid-Batterie-Einheit, Steuergerät für Batterieregelung, Temperaturfühler 2 für Hochvoltbatterie,	618
Batterieregelung, Zünder für Hochvoltbatterietrennung, Schaltkasten der Hochvoltbatterie,
Sicherungsträger, Ladegerät, Sicherung 1 für Hochvoltsystem
9. Hybrid-Batterie-Einheit	619
10. Verdichterleiter für Fahrmotor, Leistungs- und Steuerelektronik für Elektroantrieb, Steuergerät	620
für Batterieregelung
11. Geber für Temperatur des Fahrmotors, Geber 1 für Rotorposition des Fahrmotors, Leistungs- und	621
Steuerelektronik für Elektroantrieb, Steuergerät für automatisches Getriebe, Drehstrommotor,
Fahrmotor für Elektroantrieb
12. Leistungs- und Steuerelektronik für Elektroantrieb, Steuergerät für Thermomanagement,	622
elektrischer Klimakompressor
13. Steuergerät für Hochvoltheizung (PTC), Hochvoltheizung (PTC)	623
14. Ladegerät 1 für Hochvoltbatterie, Tastermodul für Batterieladung, Steuergerät für	624
Hochvolt-Ladeklappenverriegelung 1
15. Ladegerät 1 für Hochvoltbatterie	625
16. Ladegerät 1 für Hochvoltbatterie, Ladesteckdose 1 für Hochvoltbatterieladung	626
17. Ladegerät 1 für Hochvoltbatterie, Stellmotor 1 für Hochvolt-Ladeklappenverriegelung 1,	627
Temperaturfühler für Ladesteckdose 1, Ladesteckdose 1 für Hochvoltbatterieladung
18. Steuergerät für Bremskraftverstärkung, Steuergerät für Motorgeräuschanregung,	628
Bremskraftverstärker, Aktuator 1 für Motorgeräuschanregung
19. Steuergerät für Bremskraftverstärkung, Bremskraftverstärker	629
20. Steuergerät für Bremskraftverstärkung, Steuergerät für Bremsdruckspeicher, Bremskraftverstärker,	630
Druckspeicher für Bremssystem, Motor im Bremsdruckspeicher für Rekuperation
21. Diagnose-Interface für Datenbus	631
060 - Wärmepumpe , (0K3)	632-639
1. Wärmepumpe , (0K3)	632
2. Diagnose-Interface für Datenbus, Steuergerät für Thermomanagement, Absperrventil für Kältemittel	633
3. Steuergerät für Thermomanagement, Steuergerät für Thermomanagement,	634
Umschaltventil 1 für Kältemittel, Umschaltventil 2 für Kältemittel, Absperrventil 3 für Kältemittel,
Umschaltventil 4 für Kältemittel, Absperrventil 2 für Kältemittel
4. Geber 2 für Kühlmittelmangelanzeige, Kühlmittelthermperaturgeber 1 für Thermomanagement,	635
Kühlmitteltemperaturgeber 3 für Thermomanagement, Kühlmitteltemperaturgeber 4 für Thermomanagement,
Kühlmitteltemperaturgeber 5 für Thermomanagement, Kühlmitteltemperaturgeber 6 für Thermomanagement,
Kühlmitteltemperaturgeber 8 für Thermomanagement, Steuergerät für Thermomanagement
5. Steuergerät für Thermomanagement, Relais für Kühlmittelpumpen für Thermomanagement,	636
Kühlmittelpumpe 2 für Thermomanagement, Kühlmittelpumpe 3 für Thermomanagement, Kühlmittelpumpe 4 für
Thermomanagement
6. Geber für Kältemitteldruck und Kältemitteltemperatur, Geber 2 für Kältemitteldruck und	637
Kältemitteltemperatur, Geber 3 für Kältemitteldruck und Kältemitteltemperatur, Steuergerät für
Kühlerlüfter, Steuergerät 2 für Kühlerlüfter, Steuergerät für Thermomanagement
7. Hochdruckgeber, Expansionsventil 1 für Kältemittel, Absperrventil 1 für Kältemittel,	638
Absperrventil 3 für Kältemittel, Absperrventil 4 für Kältemittel, Absperrventil 5 für Kältemittel	639
061 - 3,0-l-Dieselmotor , CVZA	640-671
1. 3,0-l-Dieselmotor , CVZA	640
2. Batterie, Steuergerät für Batterieüberwachung, Zünder für Batterietrennleitung	641
3. Batterietrennrelais, Startergenerator, Einzelsicherung für Kühlerlüfter, Sicherung für	642
Kühlerlüfter, Stufe 2, Leistungsschalter F, Leitungsverteiler für Kl. 30, Leitungsverteiler 2 für Kl.
30
4. Sperrdiode für Bordnetztrennung, Leitungsverteiler 3 für Kl. 30	643
5. Relais für Spannungsversorgung der Kl. 15, Sicherungsträger 1	644
6. Hauptrelais, Sicherungsträger 1	645
7. Relais für Bremsdruckspeicherpumpe, Steuergerät für Glühzeitautomatik	646
8. Luftmassenmesser, Geber für Bodenleckerkennung, Motorsteuergerät	647
9. Abgastemperaturgeber, Abgastemperaturgeber 2, Motorsteuergerät	648
10. Motorsteuergerät	649
11. Geber für Kühlmittelmangelanzeige, Bordnetzsteuergerät, Motorsteuergerät	650
12. Glaspedalmodul, Motorsteuergerät	651
13. Motorsteuergerät, Einspritzventil für Zylinder 1, Einspritzventil für Zylinder 6	652
14. Ladedruckgeber, Drosselklappensteuereinheit, Motorsteuergerät, Motor für Saugrohrklappe	653
15. Kraftstoffdruckgeber, Kraftstoffdruckgeber für Niederdruck, Motorsteuergerät, Ventil für	654
Abgasrückführung
16. Thermostat für kennfeldgesteuerte Motorkühlung, Kraftstofftemperaturgeber,	655
Kühlmitteltemperaturgeber 2, Motorsteuergerät, Ventil für Kraftstoffdosierung, Stellmotor für
Abgasklifullung
17. Kühlmitteltemperaturgeber, Abgastemperaturgeber 1,	656
Abgastemperaturgeber 2, Abgastemperaturgeber 3, Motorsteuergerät
18. Öldruckgeber, Öltemperaturgeber 2, Ventil 1 für Aktuator, Öltemperaturgeber 2, Temperaturgeber 3	657
für Kühlmitteltemperatur, Motorsteuergerät
19. Motordrehzahlgeber, Hallgeber, Differenzdruckgeber, Motorsteuergerät, Ventil für Öldruckregelung	658
20. Wasserstandsgeber, Motorsteuergerät, Ventil 1 für Getriebelagerung, Ventil 2 für	659
Getriebelagerung, Ventil für Sigaaufsteige des Luftfilters
21. Motorsteuergerät, Abgasklappensteuereinheit, Bremskraftverstärker, Umschaltventil für Kühler der	660
Abgasrückführung, Ventil für Abgasklappe der Abgasrückführung, Kühlmittelventil für
Zylinderkopf
22. Partikelsensor, Motorsteuergerät, Steuergerät für NOx-Geber 2	661
23. Steuergerät für NOx-Geber, Motorsteuergerät	662
24. Motorsteuergerät	663
25. Lambdasonde 1 vor Katalysator, Lambdasonde, Motorsteuergerät, Heizung für Lambdasonde	664
26. Kraftstoffpumpe für Vorförderung, Lambdasonde 1 nach Katalysator, Lambdasonde nach Katalysator,	665
Ölstands- und Öltemperaturgeber, Motorsteuergerät, Steuergerät für Kraftstoffpumpe, Heizung für
Lambdasonde 1 nach Katalysator
27. Kraftstoffvorratsgeber 2, Kühlmittelpumpe für Kühlmittelkreislauf	666
28. Steuergerät für Kühlerlüfter, Steuergerät 2 für Kühlerlüfter, Motorsteuergerät	667
29. Steuergerät für Reduktionsmittel-Dosiersystem	668
30. Steuergerät für Reduktionsmittel-Dosiersystem, Tankgeber für Reduktionsmittel, Pumpe für	669
Reduktionsmittel, Steuergerät für Reduktionsmittel-Dosiersystem, Steuergerät für
Reduktionsmittel-Dosiersystem, Heizung für Reduktionsmittelbehälter (Heizkreis 1), Heizung für
